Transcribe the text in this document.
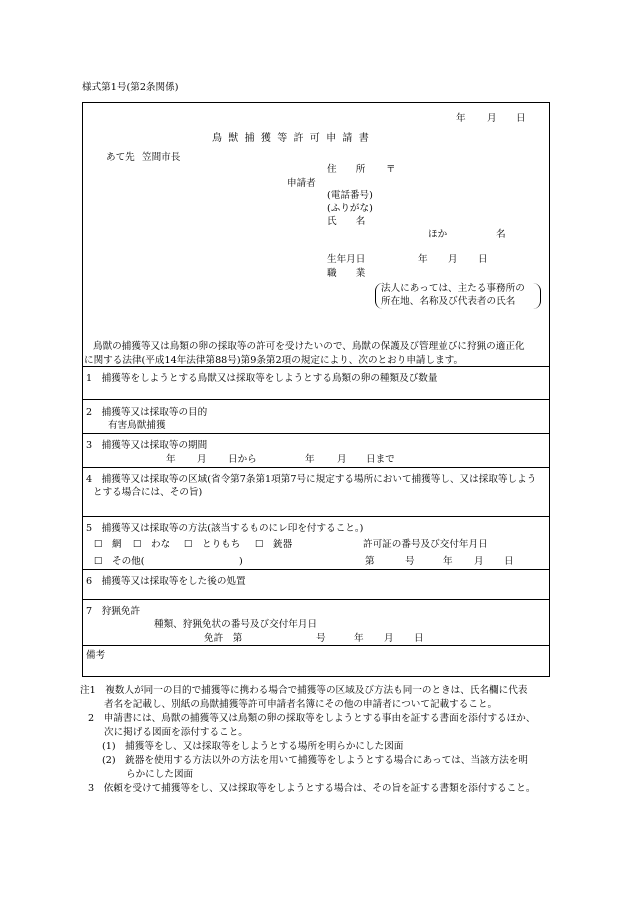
様式第1号(第2条関係)
年 月 日
鳥獣捕獲等許可申請書
あて先 笠間市長
申請者
住　　所 〒
(電話番号)
(ふりがな)
氏　　名
ほか	名
生年月日	年 月 日
職　　業
法人にあっては、主たる事務所の
所在地、名称及び代表者の氏名
鳥獣の捕獲等又は鳥類の卵の採取等の許可を受けたいので、鳥獣の保護及び管理並びに狩猟の適正化
に関する法律(平成14年法律第88号)第9条第2項の規定により、次のとおり申請します。
1　捕獲等をしようとする鳥獣又は採取等をしようとする鳥類の卵の種類及び数量
2　捕獲等又は採取等の目的
有害鳥獣捕獲
3　捕獲等又は採取等の期間
年 月 日から	年 月 日まで
4　捕獲等又は採取等の区域(省令第7条第1項第7号に規定する場所において捕獲等し、又は採取等しよう
とする場合には、その旨)
5　捕獲等又は採取等の方法(該当するものにレ印を付すること。)
☐ 網 ☐ わな ☐ とりもち ☐ 銃器	許可証の番号及び交付年月日
☐ その他(	)	第	号	年 月 日
6　捕獲等又は採取等をした後の処置
7　狩猟免許
種類、狩猟免状の番号及び交付年月日
免許　第	号	年 月 日
備考
注1　複数人が同一の目的で捕獲等に携わる場合で捕獲等の区域及び方法も同一のときは、氏名欄に代表
者名を記載し、別紙の鳥獣捕獲等許可申請者名簿にその他の申請者について記載すること。
2　申請書には、鳥獣の捕獲等又は鳥類の卵の採取等をしようとする事由を証する書面を添付するほか、
次に掲げる図面を添付すること。
(1)　捕獲等をし、又は採取等をしようとする場所を明らかにした図面
(2)　銃器を使用する方法以外の方法を用いて捕獲等をしようとする場合にあっては、当該方法を明
らかにした図面
3　依頼を受けて捕獲等をし、又は採取等をしようとする場合は、その旨を証する書類を添付すること。
